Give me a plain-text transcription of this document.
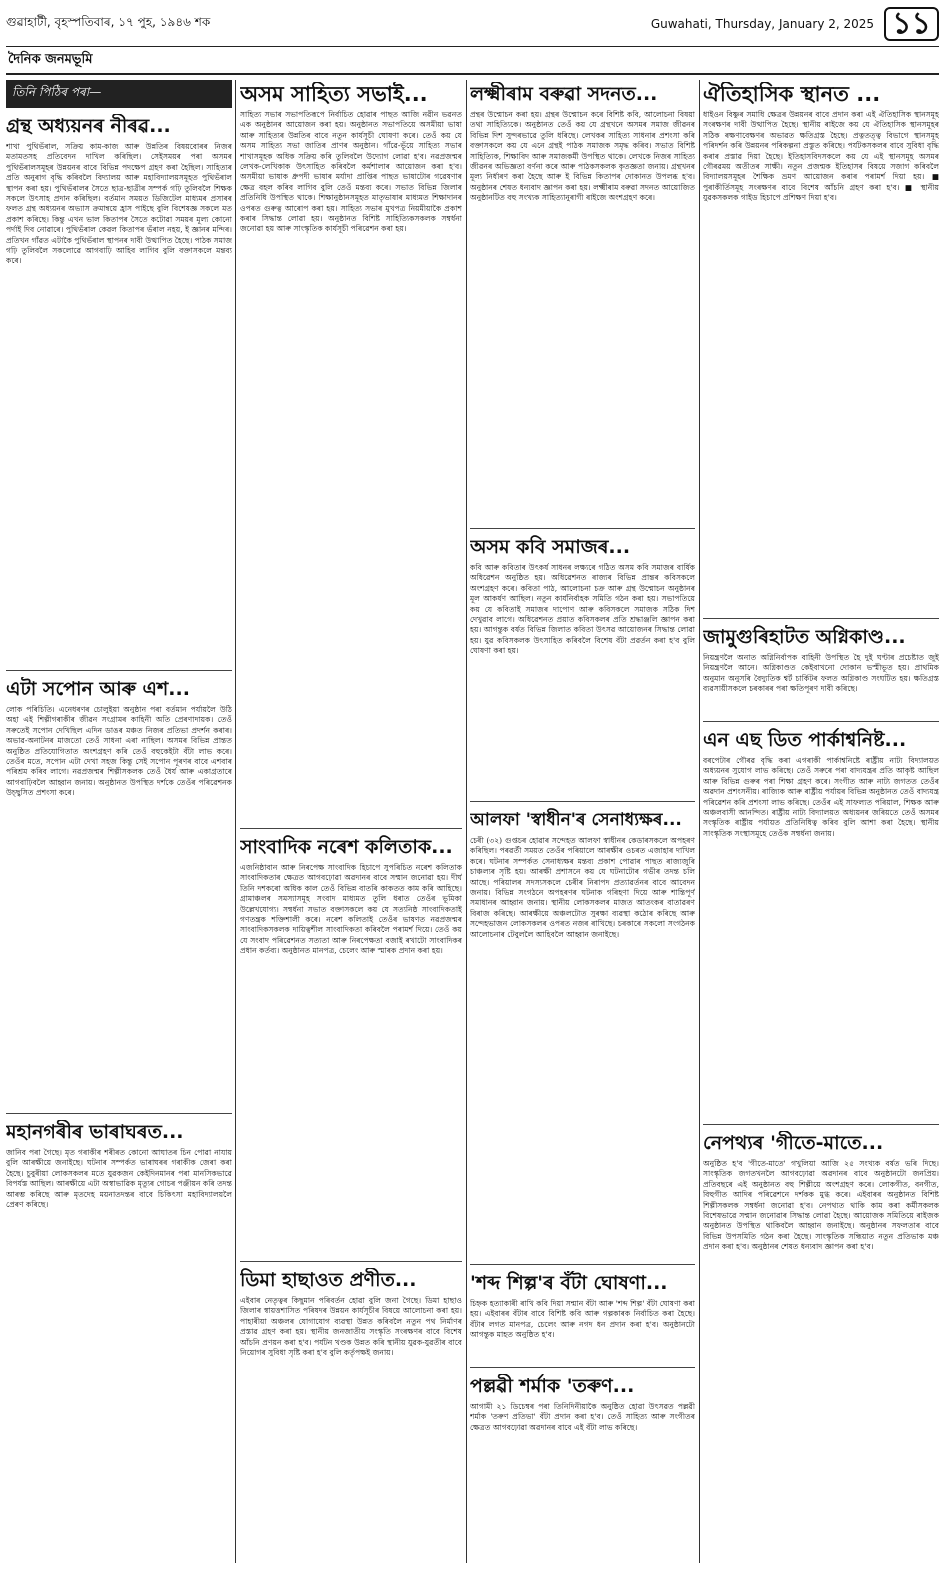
গুৱাহাটী, বৃহস্পতিবাৰ, ১৭ পুহ, ১৯৪৬ শক	Guwahati, Thursday, January 2, 2025 ১১
দৈনিক জনমভূমি
তিনি পিঠিৰ পৰা—
গ্ৰন্থ অধ্যয়নৰ নীৰৱ...

শাখা পুথিভঁৰাল, সক্ৰিয় কাম-কাজ আৰু উন্নতিৰ বিষয়বোৰৰ নিজৰ মতামতসহ প্ৰতিবেদন দাখিল কৰিছিল। সেইসময়ৰ পৰা অসমৰ পুথিভঁৰালসমূহৰ উন্নয়নৰ বাবে বিভিন্ন পদক্ষেপ গ্ৰহণ কৰা হৈছিল। সাহিত্যৰ প্ৰতি অনুৰাগ বৃদ্ধি কৰিবলৈ বিদ্যালয় আৰু মহাবিদ্যালয়সমূহত পুথিভঁৰাল স্থাপন কৰা হয়। পুথিভঁৰালৰ সৈতে ছাত্ৰ-ছাত্ৰীৰ সম্পৰ্ক গঢ়ি তুলিবলৈ শিক্ষক সকলে উৎসাহ প্ৰদান কৰিছিল। বৰ্তমান সময়ত ডিজিটেল মাধ্যমৰ প্ৰসাৰৰ ফলত গ্ৰন্থ অধ্যয়নৰ অভ্যাস ক্ৰমান্বয়ে হ্ৰাস পাইছে বুলি বিশেষজ্ঞ সকলে মত প্ৰকাশ কৰিছে। কিন্তু এখন ভাল কিতাপৰ সৈতে কটোৱা সময়ৰ মূল্য কোনো পৰ্দাই দিব নোৱাৰে। পুথিভঁৰাল কেৱল কিতাপৰ ভঁৰাল নহয়, ই জ্ঞানৰ মন্দিৰ। প্ৰতিখন গাঁৱত এটাকৈ পুথিভঁৰাল স্থাপনৰ দাবী উত্থাপিত হৈছে। পাঠক সমাজ গঢ়ি তুলিবলৈ সকলোৱে আগবাঢ়ি আহিব লাগিব বুলি বক্তাসকলে মন্তব্য কৰে।

এটা সপোন আৰু এশ...

লোক পৰিচিতি। এনেধৰণৰ চোলুইয়া অনুষ্ঠান পৰা বৰ্তমান পৰ্যায়লৈ উঠি অহা এই শিল্পীগৰাকীৰ জীৱন সংগ্ৰামৰ কাহিনী অতি প্ৰেৰণাদায়ক। তেওঁ সৰুতেই সপোন দেখিছিল এদিন ডাঙৰ মঞ্চত নিজৰ প্ৰতিভা প্ৰদৰ্শন কৰাৰ। অভাৱ-অনাটনৰ মাজতো তেওঁ সাধনা এৰা নাছিল। অসমৰ বিভিন্ন প্ৰান্তত অনুষ্ঠিত প্ৰতিযোগিতাত অংশগ্ৰহণ কৰি তেওঁ বহুকেইটা বঁটা লাভ কৰে। তেওঁৰ মতে, সপোন এটা দেখা সহজ কিন্তু সেই সপোন পূৰণৰ বাবে এশবাৰ পৰিশ্ৰম কৰিব লাগে। নৱপ্ৰজন্মৰ শিল্পীসকলক তেওঁ ধৈৰ্য আৰু একাগ্ৰতাৰে আগবাঢ়িবলৈ আহ্বান জনায়। অনুষ্ঠানত উপস্থিত দৰ্শকে তেওঁৰ পৰিৱেশনক উচ্ছ্বসিত প্ৰশংসা কৰে।

মহানগৰীৰ ভাৰাঘৰত...

জানিব পৰা গৈছে। মৃত গৰাকীৰ শৰীৰত কোনো আঘাতৰ চিন পোৱা নাযায় বুলি আৰক্ষীয়ে জনাইছে। ঘটনাৰ সম্পৰ্কত ভাৰাঘৰৰ গৰাকীক জেৰা কৰা হৈছে। চুবুৰীয়া লোকসকলৰ মতে যুৱকজন কেইদিনমানৰ পৰা মানসিকভাৱে বিপৰ্যস্ত আছিল। আৰক্ষীয়ে এটা অস্বাভাৱিক মৃত্যুৰ গোচৰ পঞ্জীয়ন কৰি তদন্ত আৰম্ভ কৰিছে আৰু মৃতদেহ ময়নাতদন্তৰ বাবে চিকিৎসা মহাবিদ্যালয়লৈ প্ৰেৰণ কৰিছে।

অসম সাহিত্য সভাই...

সাহিত্য সভাৰ সভাপতিৰূপে নিৰ্বাচিত হোৱাৰ পাছত আজি নৱীন ভৱনত এক অনুষ্ঠানৰ আয়োজন কৰা হয়। অনুষ্ঠানত সভাপতিয়ে অসমীয়া ভাষা আৰু সাহিত্যৰ উন্নতিৰ বাবে নতুন কাৰ্যসূচী ঘোষণা কৰে। তেওঁ কয় যে অসম সাহিত্য সভা জাতিৰ প্ৰাণৰ অনুষ্ঠান। গাঁৱে-ভূঁয়ে সাহিত্য সভাৰ শাখাসমূহক অধিক সক্ৰিয় কৰি তুলিবলৈ উদ্যোগ লোৱা হ'ব। নৱপ্ৰজন্মৰ লেখক-লেখিকাক উৎসাহিত কৰিবলৈ কৰ্মশালাৰ আয়োজন কৰা হ'ব। অসমীয়া ভাষাক ধ্ৰুপদী ভাষাৰ মৰ্যাদা প্ৰাপ্তিৰ পাছত ভাষাটোৰ গৱেষণাৰ ক্ষেত্ৰ বহল কৰিব লাগিব বুলি তেওঁ মন্তব্য কৰে। সভাত বিভিন্ন জিলাৰ প্ৰতিনিধি উপস্থিত থাকে। শিক্ষানুষ্ঠানসমূহত মাতৃভাষাৰ মাধ্যমত শিক্ষাদানৰ ওপৰত গুৰুত্ব আৰোপ কৰা হয়। সাহিত্য সভাৰ মুখপত্ৰ নিয়মীয়াকৈ প্ৰকাশ কৰাৰ সিদ্ধান্ত লোৱা হয়। অনুষ্ঠানত বিশিষ্ট সাহিত্যিকসকলক সম্বৰ্ধনা জনোৱা হয় আৰু সাংস্কৃতিক কাৰ্যসূচী পৰিৱেশন কৰা হয়।

সাংবাদিক নৰেশ কলিতাক...

এজনিষ্ঠাবান আৰু নিৰপেক্ষ সাংবাদিক হিচাপে সুপৰিচিত নৰেশ কলিতাক সাংবাদিকতাৰ ক্ষেত্ৰত আগবঢ়োৱা অৱদানৰ বাবে সম্মান জনোৱা হয়। দীৰ্ঘ তিনি দশকৰো অধিক কাল তেওঁ বিভিন্ন বাতৰি কাকতত কাম কৰি আহিছে। গ্ৰামাঞ্চলৰ সমস্যাসমূহ সংবাদ মাধ্যমত তুলি ধৰাত তেওঁৰ ভূমিকা উল্লেখযোগ্য। সম্বৰ্ধনা সভাত বক্তাসকলে কয় যে সত্যনিষ্ঠ সাংবাদিকতাই গণতন্ত্ৰক শক্তিশালী কৰে। নৰেশ কলিতাই তেওঁৰ ভাষণত নৱপ্ৰজন্মৰ সাংবাদিকসকলক দায়িত্বশীল সাংবাদিকতা কৰিবলৈ পৰামৰ্শ দিয়ে। তেওঁ কয় যে সংবাদ পৰিৱেশনত সত্যতা আৰু নিৰপেক্ষতা বজাই ৰখাটো সাংবাদিকৰ প্ৰধান কৰ্তব্য। অনুষ্ঠানত মানপত্ৰ, চেলেং আৰু স্মাৰক প্ৰদান কৰা হয়।

ডিমা হাছাওত প্ৰণীত...

এইবাৰ নেতৃত্বৰ কিছুমান পৰিবৰ্তন হোৱা বুলি জনা গৈছে। ডিমা হাছাও জিলাৰ স্বায়ত্তশাসিত পৰিষদৰ উন্নয়ন কাৰ্যসূচীৰ বিষয়ে আলোচনা কৰা হয়। পাহাৰীয়া অঞ্চলৰ যোগাযোগ ব্যৱস্থা উন্নত কৰিবলৈ নতুন পথ নিৰ্মাণৰ প্ৰস্তাৱ গ্ৰহণ কৰা হয়। স্থানীয় জনজাতীয় সংস্কৃতি সংৰক্ষণৰ বাবে বিশেষ আঁচনি প্ৰণয়ন কৰা হ'ব। পৰ্যটন খণ্ডক উন্নত কৰি স্থানীয় যুৱক-যুৱতীৰ বাবে নিয়োগৰ সুবিধা সৃষ্টি কৰা হ'ব বুলি কৰ্তৃপক্ষই জনায়।

লক্ষ্মীৰাম বৰুৱা সদনত...

প্ৰন্থৰ উন্মোচন কৰা হয়। গ্ৰন্থৰ উন্মোচন কৰে বিশিষ্ট কবি, আলোচনা বিষয়া তথা সাহিত্যিকে। অনুষ্ঠানত তেওঁ কয় যে গ্ৰন্থখনে অসমৰ সমাজ জীৱনৰ বিভিন্ন দিশ সুন্দৰভাৱে তুলি ধৰিছে। লেখকৰ সাহিত্য সাধনাৰ প্ৰশংসা কৰি বক্তাসকলে কয় যে এনে গ্ৰন্থই পাঠক সমাজক সমৃদ্ধ কৰিব। সভাত বিশিষ্ট সাহিত্যিক, শিক্ষাবিদ আৰু সমাজকৰ্মী উপস্থিত থাকে। লেখকে নিজৰ সাহিত্য জীৱনৰ অভিজ্ঞতা বৰ্ণনা কৰে আৰু পাঠকসকলক কৃতজ্ঞতা জনায়। গ্ৰন্থখনৰ মূল্য নিৰ্ধাৰণ কৰা হৈছে আৰু ই বিভিন্ন কিতাপৰ দোকানত উপলব্ধ হ'ব। অনুষ্ঠানৰ শেষত ধন্যবাদ জ্ঞাপন কৰা হয়। লক্ষ্মীৰাম বৰুৱা সদনত আয়োজিত অনুষ্ঠানটিত বহু সংখ্যক সাহিত্যানুৰাগী ৰাইজে অংশগ্ৰহণ কৰে।

অসম কবি সমাজৰ...

কবি আৰু কবিতাৰ উৎকৰ্ষ সাধনৰ লক্ষ্যৰে গঠিত অসম কবি সমাজৰ বাৰ্ষিক অধিৱেশন অনুষ্ঠিত হয়। অধিৱেশনত ৰাজ্যৰ বিভিন্ন প্ৰান্তৰ কবিসকলে অংশগ্ৰহণ কৰে। কবিতা পাঠ, আলোচনা চক্ৰ আৰু গ্ৰন্থ উন্মোচন অনুষ্ঠানৰ মূল আকৰ্ষণ আছিল। নতুন কাৰ্যনিৰ্বাহক সমিতি গঠন কৰা হয়। সভাপতিয়ে কয় যে কবিতাই সমাজৰ দাপোণ আৰু কবিসকলে সমাজক সঠিক দিশ দেখুৱাব লাগে। অধিৱেশনত প্ৰয়াত কবিসকলৰ প্ৰতি শ্ৰদ্ধাঞ্জলি জ্ঞাপন কৰা হয়। আগন্তুক বৰ্ষত বিভিন্ন জিলাত কবিতা উৎসৱ আয়োজনৰ সিদ্ধান্ত লোৱা হয়। যুৱ কবিসকলক উৎসাহিত কৰিবলৈ বিশেষ বঁটা প্ৰৱৰ্তন কৰা হ'ব বুলি ঘোষণা কৰা হয়।

আলফা 'স্বাধীন'ৰ সেনাধ্যক্ষৰ...

চেৰী (৩২) গুপ্তচৰ হোৱাৰ সন্দেহত আলফা স্বাধীনৰ কেডাৰসকলে অপহৰণ কৰিছিল। পৰৱৰ্তী সময়ত তেওঁৰ পৰিয়ালে আৰক্ষীৰ ওচৰত এজাহাৰ দাখিল কৰে। ঘটনাৰ সম্পৰ্কত সেনাধ্যক্ষৰ মন্তব্য প্ৰকাশ পোৱাৰ পাছত ৰাজ্যজুৰি চাঞ্চল্যৰ সৃষ্টি হয়। আৰক্ষী প্ৰশাসনে কয় যে ঘটনাটোৰ গভীৰ তদন্ত চলি আছে। পৰিয়ালৰ সদস্যসকলে চেৰীৰ নিৰাপদ প্ৰত্যাৱৰ্তনৰ বাবে আবেদন জনায়। বিভিন্ন সংগঠনে অপহৰণৰ ঘটনাক গৰিহণা দিয়ে আৰু শান্তিপূৰ্ণ সমাধানৰ আহ্বান জনায়। স্থানীয় লোকসকলৰ মাজত আতংকৰ বাতাৱৰণ বিৰাজ কৰিছে। আৰক্ষীয়ে অঞ্চলটোত সুৰক্ষা ব্যৱস্থা কঠোৰ কৰিছে আৰু সন্দেহভাজন লোকসকলৰ ওপৰত নজৰ ৰাখিছে। চৰকাৰে সকলো সংগঠনক আলোচনাৰ টেবুললৈ আহিবলৈ আহ্বান জনাইছে।

'শব্দ শিল্প'ৰ বঁটা ঘোষণা...

চিহ্নক হত্যাকাৰী ৰাখি কবি দিয়া সন্মান বঁটা আৰু 'শব্দ শিল্প' বঁটা ঘোষণা কৰা হয়। এইবাৰৰ বঁটাৰ বাবে বিশিষ্ট কবি আৰু গল্পকাৰক নিৰ্বাচিত কৰা হৈছে। বঁটাৰ লগত মানপত্ৰ, চেলেং আৰু নগদ ধন প্ৰদান কৰা হ'ব। অনুষ্ঠানটো আগন্তুক মাহত অনুষ্ঠিত হ'ব।

পল্লৱী শৰ্মাক 'তৰুণ...

আগামী ২১ ডিচেম্বৰ পৰা তিনিদিনীয়াকৈ অনুষ্ঠিত হোৱা উৎসৱত পল্লৱী শৰ্মাক 'তৰুণ প্ৰতিভা' বঁটা প্ৰদান কৰা হ'ব। তেওঁ সাহিত্য আৰু সংগীতৰ ক্ষেত্ৰত আগবঢ়োৱা অৱদানৰ বাবে এই বঁটা লাভ কৰিছে।

ঐতিহাসিক স্থানত ...

ধাইওন বিষ্ণুৰ সমাধি ক্ষেত্ৰৰ উন্নয়নৰ বাবে প্ৰদান কৰা এই ঐতিহাসিক স্থানসমূহ সংৰক্ষণৰ দাবী উত্থাপিত হৈছে। স্থানীয় ৰাইজে কয় যে ঐতিহাসিক স্থানসমূহৰ সঠিক ৰক্ষণাবেক্ষণৰ অভাৱত ক্ষতিগ্ৰস্ত হৈছে। প্ৰত্নতত্ত্ব বিভাগে স্থানসমূহ পৰিদৰ্শন কৰি উন্নয়নৰ পৰিকল্পনা প্ৰস্তুত কৰিছে। পৰ্যটকসকলৰ বাবে সুবিধা বৃদ্ধি কৰাৰ প্ৰস্তাৱ দিয়া হৈছে। ইতিহাসবিদসকলে কয় যে এই স্থানসমূহ অসমৰ গৌৰৱময় অতীতৰ সাক্ষী। নতুন প্ৰজন্মক ইতিহাসৰ বিষয়ে সজাগ কৰিবলৈ বিদ্যালয়সমূহৰ শৈক্ষিক ভ্ৰমণ আয়োজন কৰাৰ পৰামৰ্শ দিয়া হয়। ■ পুৰাকীৰ্তিসমূহ সংৰক্ষণৰ বাবে বিশেষ আঁচনি গ্ৰহণ কৰা হ'ব। ■ স্থানীয় যুৱকসকলক গাইড হিচাপে প্ৰশিক্ষণ দিয়া হ'ব।

জামুগুৰিহাটত অগ্নিকাণ্ড...

নিয়ন্ত্ৰণলৈ অনাত অগ্নিনিৰ্বাপক বাহিনী উপস্থিত হৈ দুই ঘণ্টাৰ প্ৰচেষ্টাত জুই নিয়ন্ত্ৰণলৈ আনে। অগ্নিকাণ্ডত কেইবাখনো দোকান ভস্মীভূত হয়। প্ৰাথমিক অনুমান অনুসৰি বৈদ্যুতিক শ্বৰ্ট চাৰ্কিটৰ ফলত অগ্নিকাণ্ড সংঘটিত হয়। ক্ষতিগ্ৰস্ত ব্যৱসায়ীসকলে চৰকাৰৰ পৰা ক্ষতিপূৰণ দাবী কৰিছে।

এন এছ ডিত পাৰ্কাশ্বনিষ্ট...

বৰপেটাৰ গৌৰৱ বৃদ্ধি কৰা এগৰাকী পাৰ্কাশ্বনিষ্টে ৰাষ্ট্ৰীয় নাট্য বিদ্যালয়ত অধ্যয়নৰ সুযোগ লাভ কৰিছে। তেওঁ সৰুৰে পৰা বাদ্যযন্ত্ৰৰ প্ৰতি আকৃষ্ট আছিল আৰু বিভিন্ন গুৰুৰ পৰা শিক্ষা গ্ৰহণ কৰে। সংগীত আৰু নাট্য জগতত তেওঁৰ অৱদান প্ৰশংসনীয়। ৰাজ্যিক আৰু ৰাষ্ট্ৰীয় পৰ্যায়ৰ বিভিন্ন অনুষ্ঠানত তেওঁ বাদ্যযন্ত্ৰ পৰিৱেশন কৰি প্ৰশংসা লাভ কৰিছে। তেওঁৰ এই সাফল্যত পৰিয়াল, শিক্ষক আৰু অঞ্চলবাসী আনন্দিত। ৰাষ্ট্ৰীয় নাট্য বিদ্যালয়ত অধ্যয়নৰ জৰিয়তে তেওঁ অসমৰ সংস্কৃতিক ৰাষ্ট্ৰীয় পৰ্যায়ত প্ৰতিনিধিত্ব কৰিব বুলি আশা কৰা হৈছে। স্থানীয় সাংস্কৃতিক সংস্থাসমূহে তেওঁক সম্বৰ্ধনা জনায়।

নেপথ্যৰ 'গীতে-মাতে...

অনুষ্ঠিত হ'ব 'গীতে-মাতে' গখুলিয়া আজি ২৫ সংখ্যক বৰ্ষত ভৰি দিছে। সাংস্কৃতিক জগতখনলৈ আগবঢ়োৱা অৱদানৰ বাবে অনুষ্ঠানটো জনপ্ৰিয়। প্ৰতিবছৰে এই অনুষ্ঠানত বহু শিল্পীয়ে অংশগ্ৰহণ কৰে। লোকগীত, বনগীত, বিহুগীত আদিৰ পৰিৱেশনে দৰ্শকক মুগ্ধ কৰে। এইবাৰৰ অনুষ্ঠানত বিশিষ্ট শিল্পীসকলক সম্বৰ্ধনা জনোৱা হ'ব। নেপথ্যত থাকি কাম কৰা কৰ্মীসকলক বিশেষভাৱে সন্মান জনোৱাৰ সিদ্ধান্ত লোৱা হৈছে। আয়োজক সমিতিয়ে ৰাইজক অনুষ্ঠানত উপস্থিত থাকিবলৈ আহ্বান জনাইছে। অনুষ্ঠানৰ সফলতাৰ বাবে বিভিন্ন উপসমিতি গঠন কৰা হৈছে। সাংস্কৃতিক সন্ধিয়াত নতুন প্ৰতিভাক মঞ্চ প্ৰদান কৰা হ'ব। অনুষ্ঠানৰ শেষত ধন্যবাদ জ্ঞাপন কৰা হ'ব।
